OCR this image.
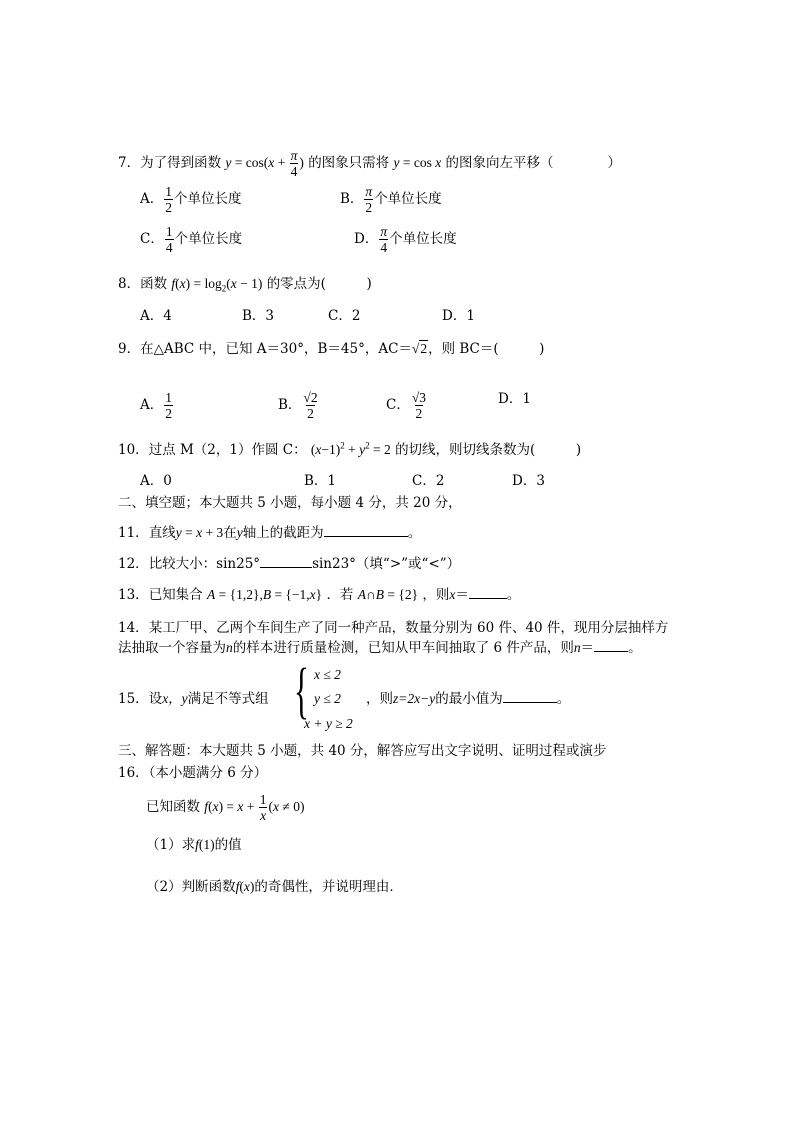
7．为了得到函数 $y = \cos(x + \frac{\pi}{4}$ ) 的图象只需将 y = cos x 的图象向左平移（　　　　）
A． $\frac{1}{2}$ 个单位长度	B． $\frac{\pi}{2}$ 个单位长度
C． $\frac{1}{4}$ 个单位长度	D． $\frac{\pi}{4}$ 个单位长度
8．函数 $f(x) = \log_2(x - 1)$ 的零点为(　　　)
A．4	B．3	C．2	D．1
9．在△ABC 中，已知 A＝30°，B＝45°，AC＝√2，则 BC＝(　　　)
A． $\frac{1}{2}$	B． $\frac{√2}{2}$	C． $\frac{√3}{2}$	D．1
10．过点 M（2，1）作圆 C： $(x-1)^2 + y^2 = 2$ 的切线，则切线条数为(　　　)
A．0	B．1	C．2	D．3
二、填空题；本大题共 5 小题，每小题 4 分，共 20 分，
11．直线y = x + 3在y轴上的截距为	。
12．比较大小：sin25°	sin23°（填“>”或“<”）
13．已知集合 A = {1,2},B = {−1,x} ．若 A∩B = {2} ，则x＝	。
14．某工厂甲、乙两个车间生产了同一种产品，数量分别为 60 件、40 件，现用分层抽样方
法抽取一个容量为n的样本进行质量检测，已知从甲车间抽取了 6 件产品，则n＝	。
15．设x，y满足不等式组 { x ≤ 2
y ≤ 2
x + y ≥ 2
，则z=2x−y的最小值为	。
三、解答题：本大题共 5 小题，共 40 分，解答应写出文字说明、证明过程或演步
16．（本小题满分 6 分）
已知函数 $f(x) = x + \frac{1}{x} (x \ne 0)$
（1）求f(1)的值
（2）判断函数f(x)的奇偶性，并说明理由．
